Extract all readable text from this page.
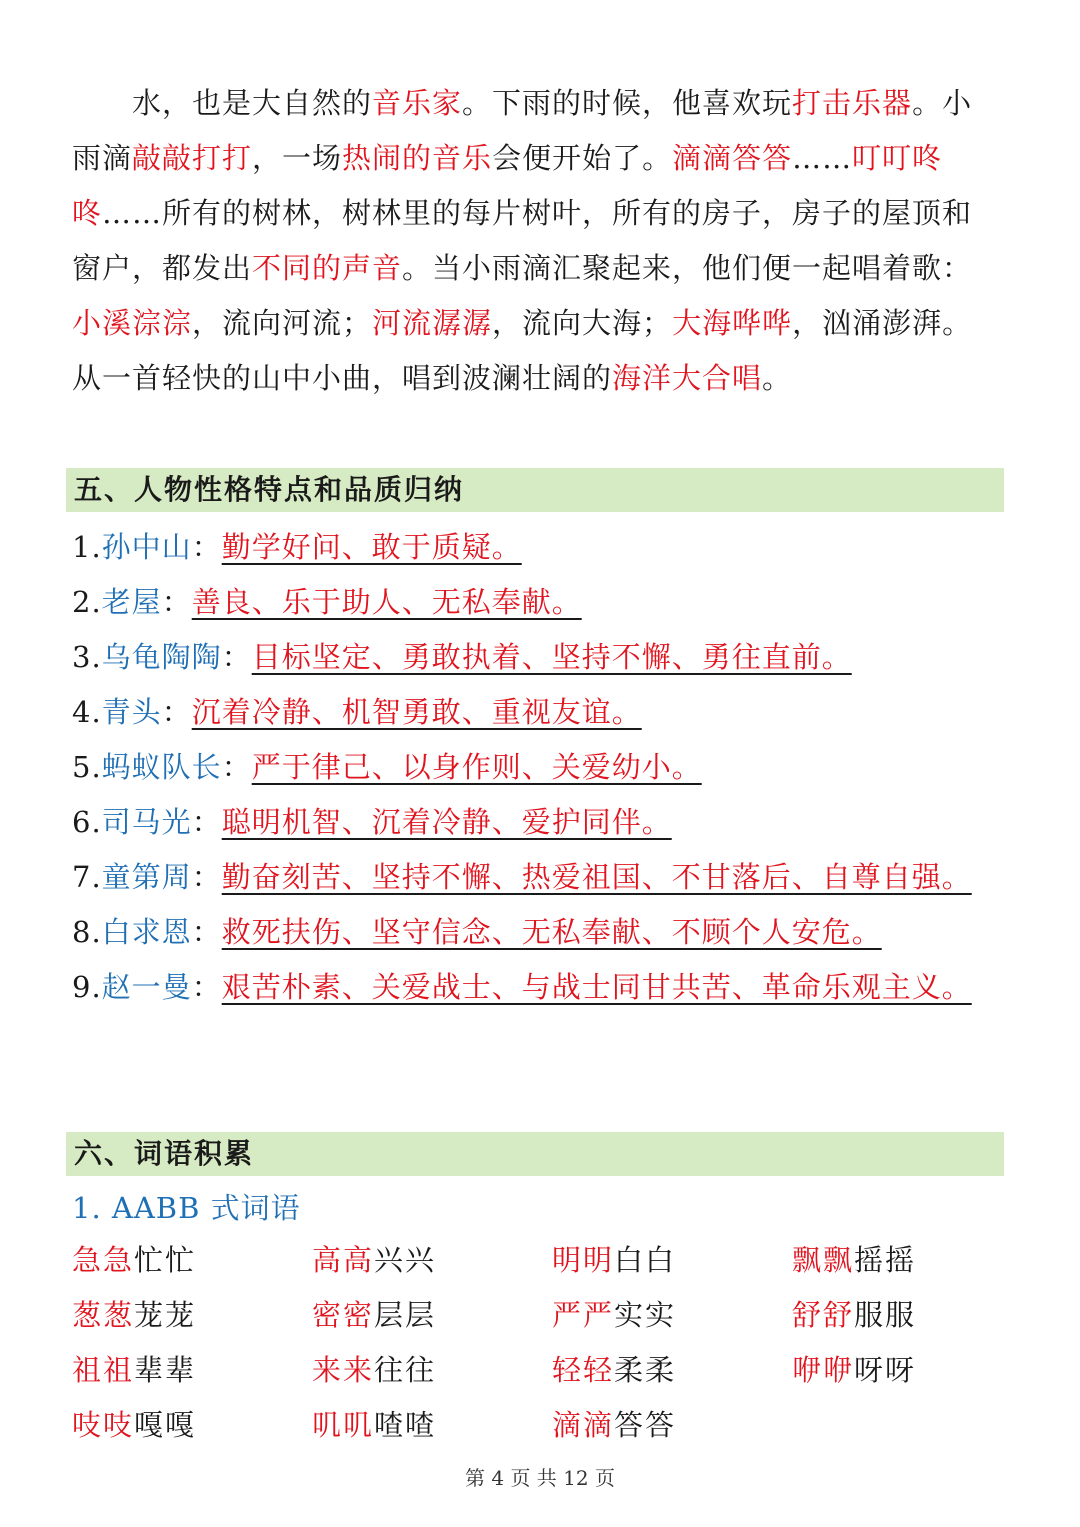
水，也是大自然的音乐家。下雨的时候，他喜欢玩打击乐器。小雨滴敲敲打打，一场热闹的音乐会便开始了。滴滴答答……叮叮咚咚……所有的树林，树林里的每片树叶，所有的房子，房子的屋顶和窗户，都发出不同的声音。当小雨滴汇聚起来，他们便一起唱着歌：小溪淙淙，流向河流；河流潺潺，流向大海；大海哗哗，汹涌澎湃。从一首轻快的山中小曲，唱到波澜壮阔的海洋大合唱。

五、人物性格特点和品质归纳

1.孙中山：勤学好问、敢于质疑。

2.老屋：善良、乐于助人、无私奉献。

3.乌龟陶陶：目标坚定、勇敢执着、坚持不懈、勇往直前。

4.青头：沉着冷静、机智勇敢、重视友谊。

5.蚂蚁队长：严于律己、以身作则、关爱幼小。

6.司马光：聪明机智、沉着冷静、爱护同伴。

7.童第周：勤奋刻苦、坚持不懈、热爱祖国、不甘落后、自尊自强。

8.白求恩：救死扶伤、坚守信念、无私奉献、不顾个人安危。

9.赵一曼：艰苦朴素、关爱战士、与战士同甘共苦、革命乐观主义。

六、词语积累
1. AABB 式词语
急急忙忙	高高兴兴	明明白白	飘飘摇摇
葱葱茏茏	密密层层	严严实实	舒舒服服
祖祖辈辈	来来往往	轻轻柔柔	咿咿呀呀
吱吱嘎嘎	叽叽喳喳	滴滴答答
第 4 页 共 12 页
